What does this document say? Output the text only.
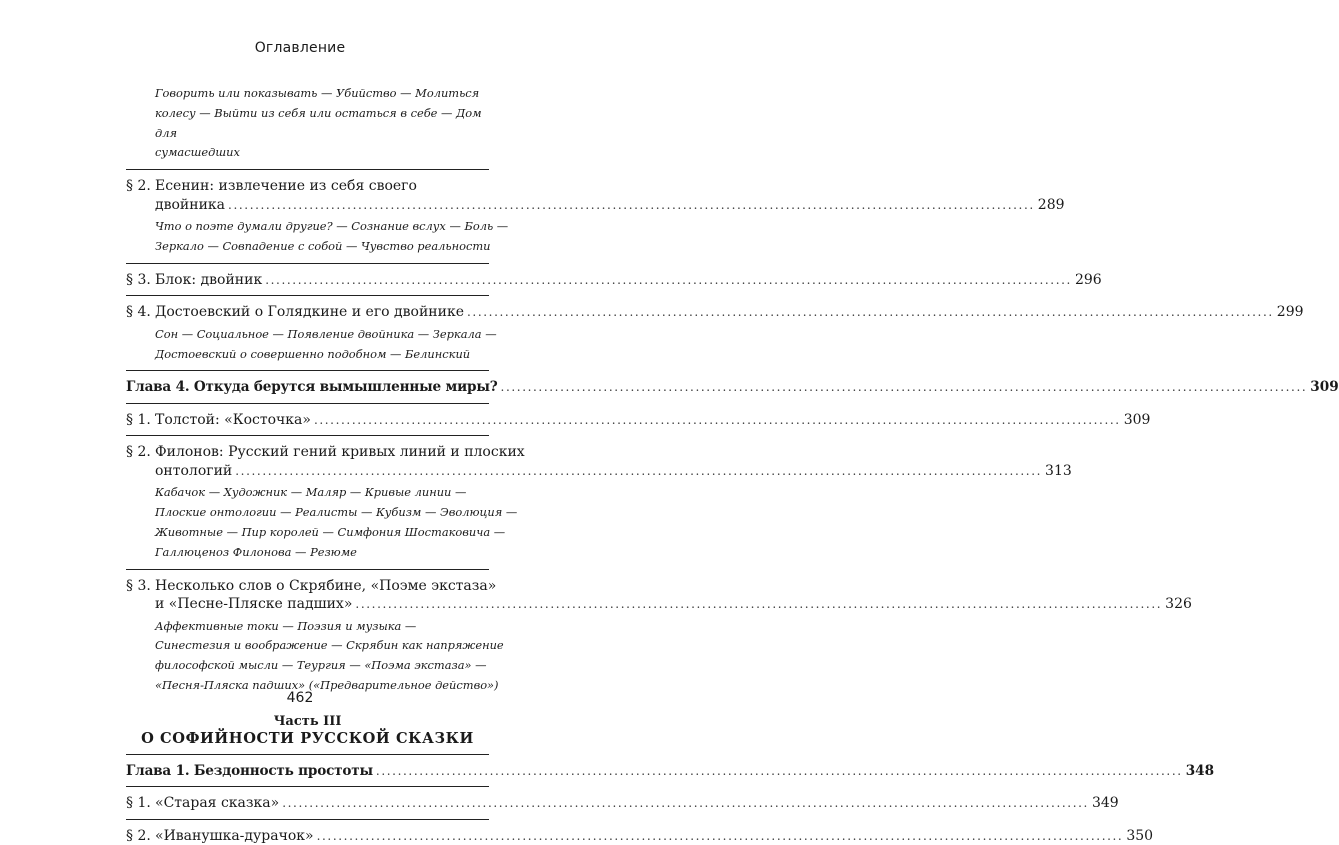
Оглавление

Говорить или показывать — Убийство — Молиться

колесу — Выйти из себя или остаться в себе — Дом для

сумасшедших

§ 2. Есенин: извлечение из себя своего
двойника .....	289

Что о поэте думали другие? — Сознание вслух — Боль —

Зеркало — Совпадение с собой — Чувство реальности

§ 3. Блок: двойник .....	296
§ 4. Достоевский о Голядкине и его двойнике .....	299

Сон — Социальное — Появление двойника — Зеркала —

Достоевский о совершенно подобном — Белинский

Глава 4. Откуда берутся вымышленные миры? .....	309
§ 1. Толстой: «Косточка» .....	309
§ 2. Филонов: Русский гений кривых линий и плоских
онтологий .....	313

Кабачок — Художник — Маляр — Кривые линии —

Плоские онтологии — Реалисты — Кубизм — Эволюция —

Животные — Пир королей — Симфония Шостаковича —

Галлюценоз Филонова — Резюме

§ 3. Несколько слов о Скрябине, «Поэме экстаза»
и «Песне-Пляске падших» .....	326

Аффективные токи — Поэзия и музыка —

Синестезия и воображение — Скрябин как напряжение

философской мысли — Теургия — «Поэма экстаза» —

«Песня-Пляска падших» («Предварительное действо»)

Часть III
О СОФИЙНОСТИ РУССКОЙ СКАЗКИ
Глава 1. Бездонность простоты .....	348
§ 1. «Старая сказка» .....	349
§ 2. «Иванушка-дурачок» .....	350
462
